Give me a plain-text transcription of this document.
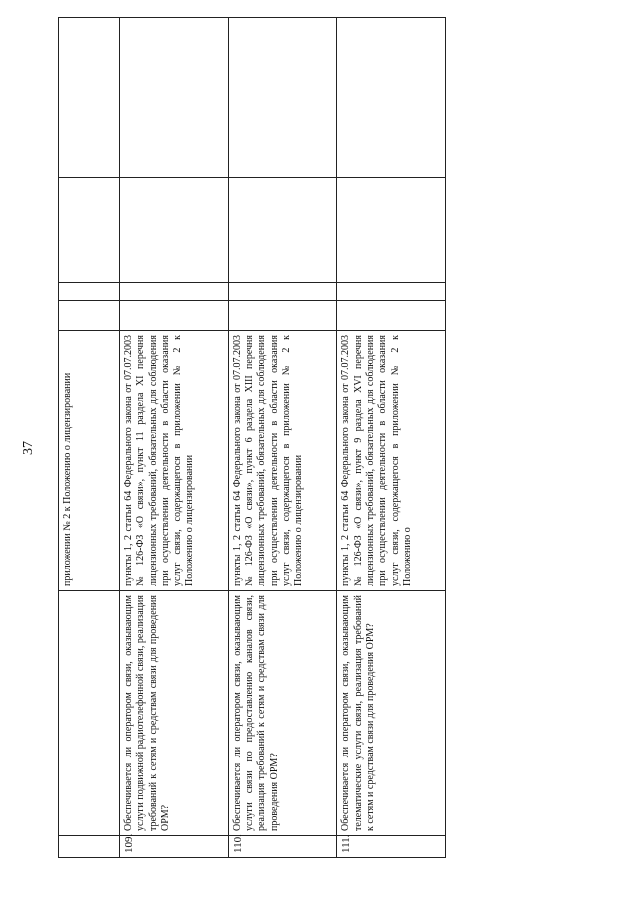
37
			приложении № 2 к Положению о лицензировании				
109.	Обеспечивается ли оператором связи, оказывающим услуги подвижной радиотелефонной связи, реализация требований к сетям и средствам связи для проведения ОРМ?	пункты 1, 2 статьи 64 Федерального закона от 07.07.2003 № 126-ФЗ «О связи», пункт 11 раздела XI перечня лицензионных требований, обязательных для соблюдения при осуществлении деятельности в области оказания услуг связи, содержащегося в приложении № 2 к Положению о лицензировании				
110.	Обеспечивается ли оператором связи, оказывающим услуги связи по предоставлению каналов связи, реализация требований к сетям и средствам связи для проведения ОРМ?	пункты 1, 2 статьи 64 Федерального закона от 07.07.2003 № 126-ФЗ «О связи», пункт 6 раздела XIII перечня лицензионных требований, обязательных для соблюдения при осуществлении деятельности в области оказания услуг связи, содержащегося в приложении № 2 к Положению о лицензировании				
111.	Обеспечивается ли оператором связи, оказывающим телематические услуги связи, реализация требований к сетям и средствам связи для проведения ОРМ?	пункты 1, 2 статьи 64 Федерального закона от 07.07.2003 № 126-ФЗ «О связи», пункт 9 раздела XVI перечня лицензионных требований, обязательных для соблюдения при осуществлении деятельности в области оказания услуг связи, содержащегося в приложении № 2 к Положению о				
